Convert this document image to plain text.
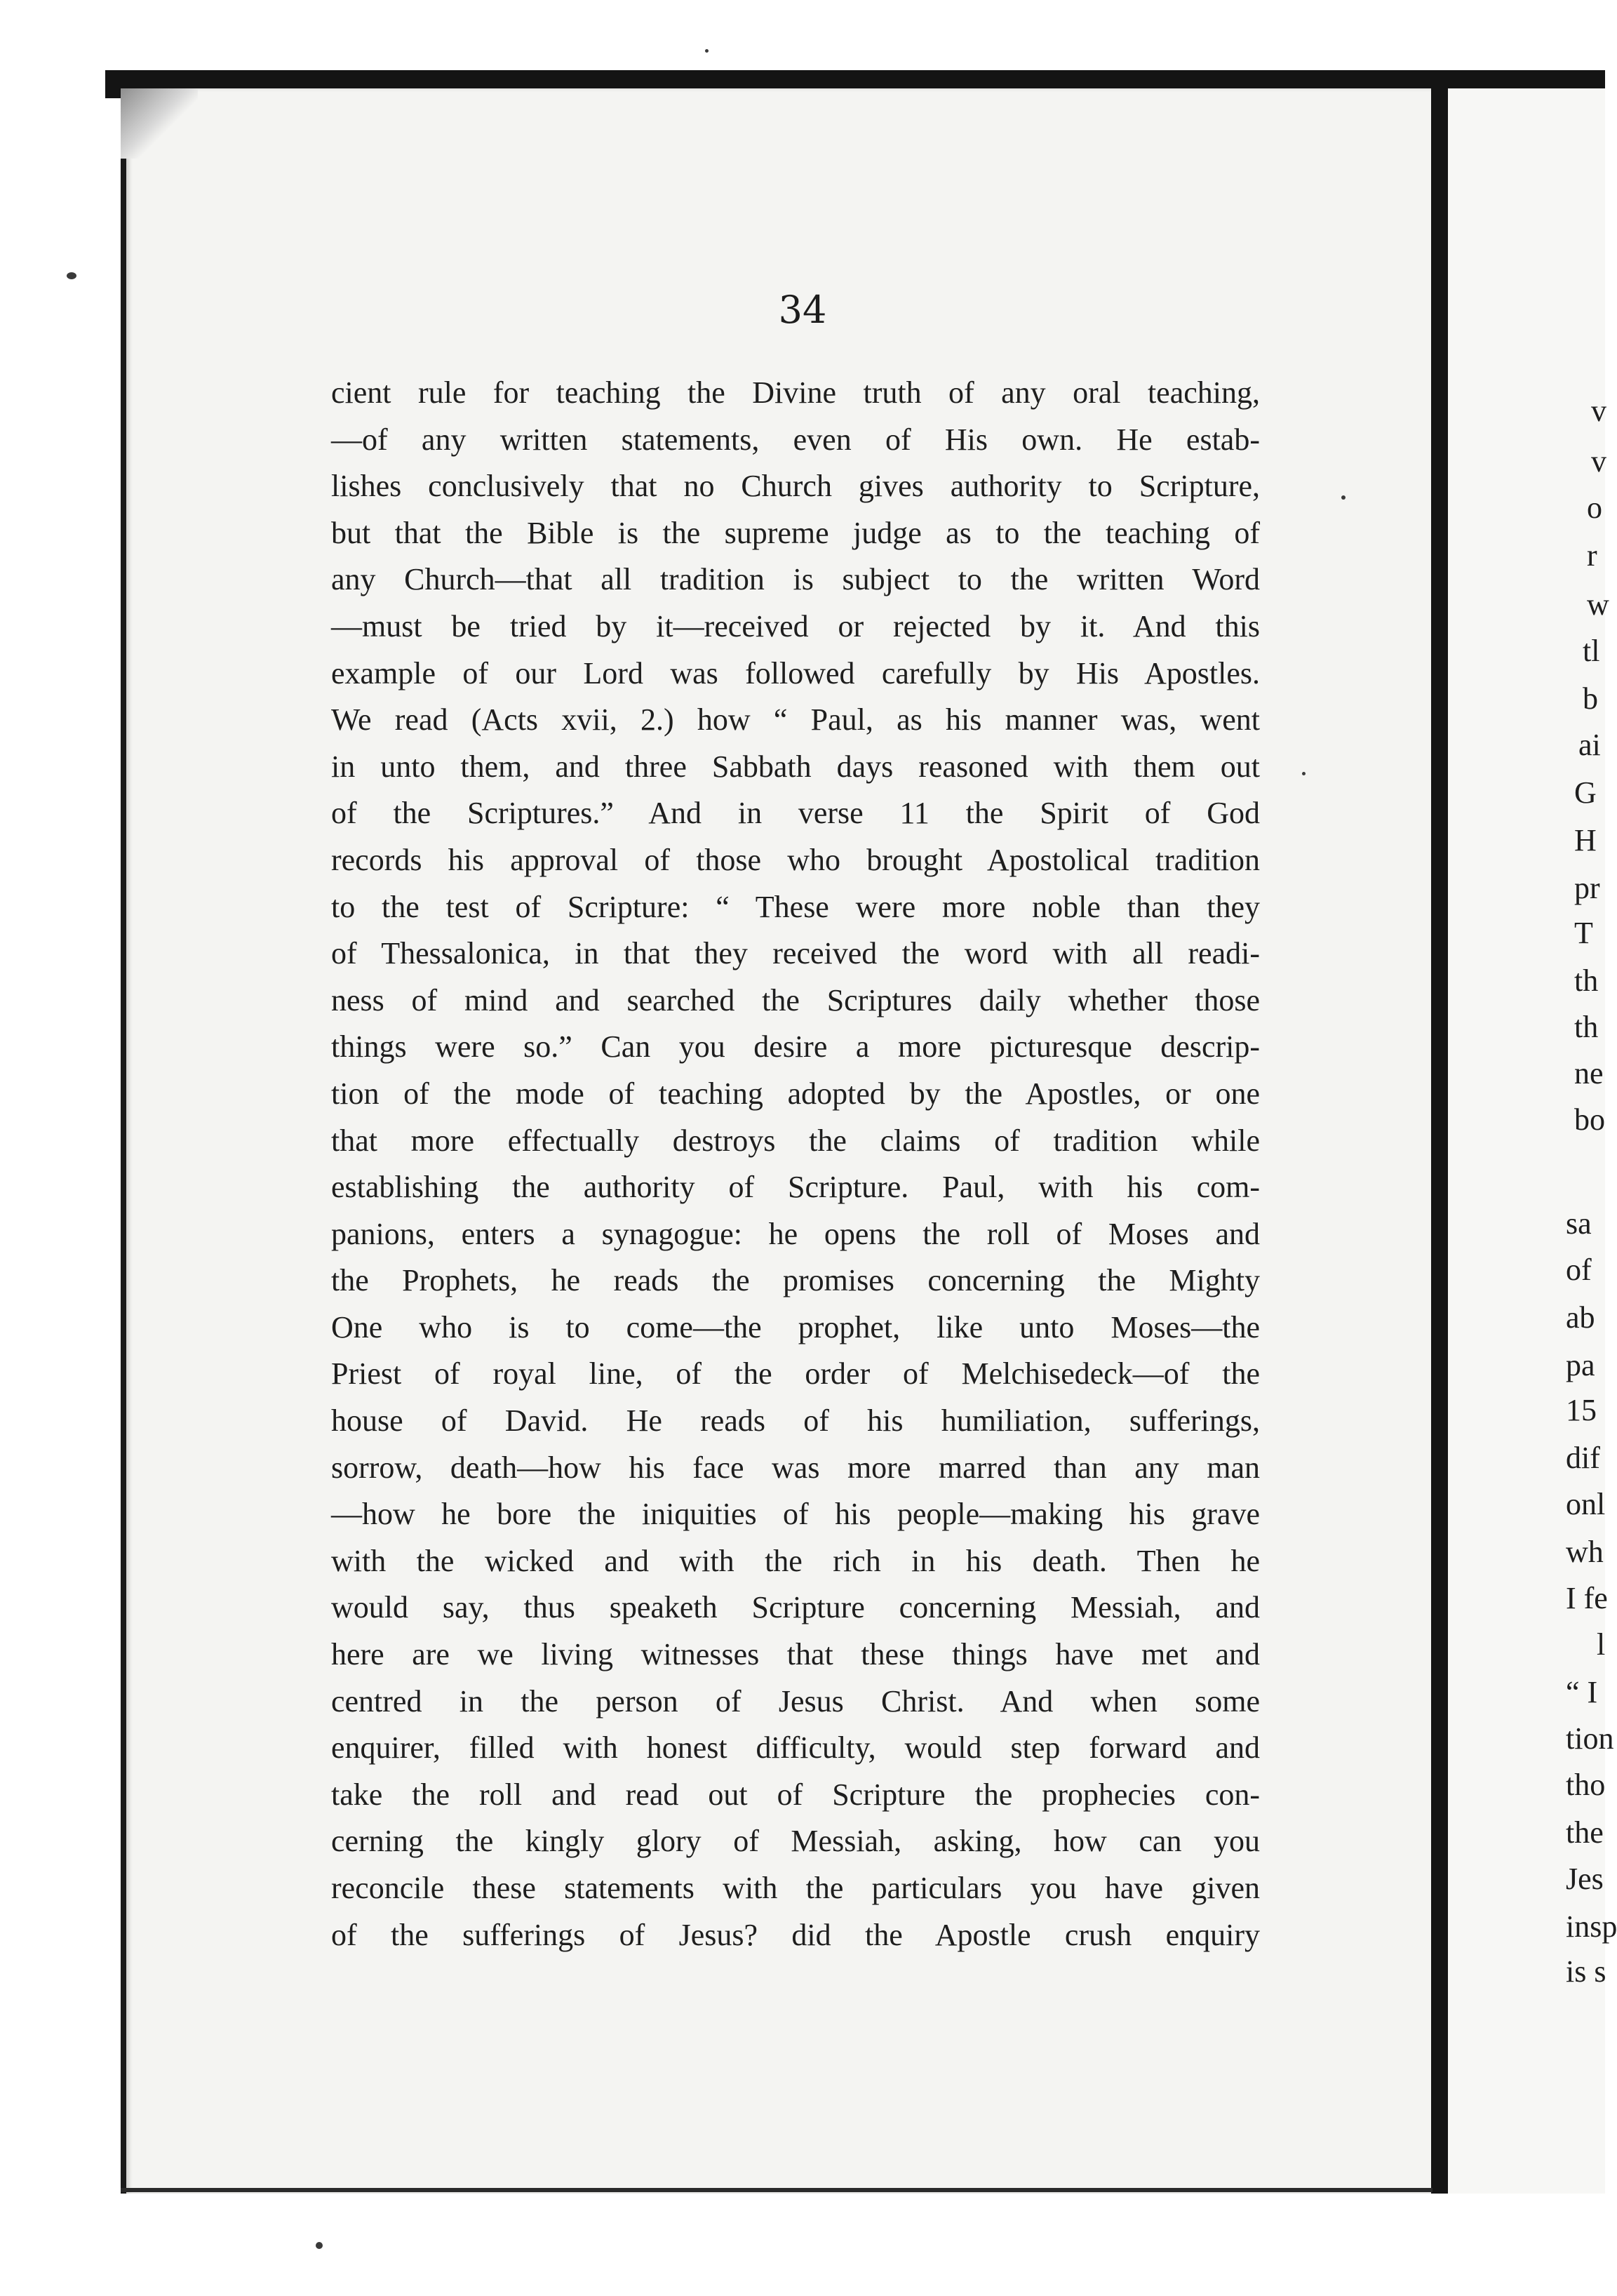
34
cient rule for teaching the Divine truth of any oral teaching,
—of any written statements, even of His own. He estab-
lishes conclusively that no Church gives authority to Scripture,
but that the Bible is the supreme judge as to the teaching of
any Church—that all tradition is subject to the written Word
—must be tried by it—received or rejected by it. And this
example of our Lord was followed carefully by His Apostles.
We read (Acts xvii, 2.) how “ Paul, as his manner was, went
in unto them, and three Sabbath days reasoned with them out
of the Scriptures.” And in verse 11 the Spirit of God
records his approval of those who brought Apostolical tradition
to the test of Scripture: “ These were more noble than they
of Thessalonica, in that they received the word with all readi-
ness of mind and searched the Scriptures daily whether those
things were so.” Can you desire a more picturesque descrip-
tion of the mode of teaching adopted by the Apostles, or one
that more effectually destroys the claims of tradition while
establishing the authority of Scripture. Paul, with his com-
panions, enters a synagogue: he opens the roll of Moses and
the Prophets, he reads the promises concerning the Mighty
One who is to come—the prophet, like unto Moses—the
Priest of royal line, of the order of Melchisedeck—of the
house of David. He reads of his humiliation, sufferings,
sorrow, death—how his face was more marred than any man
—how he bore the iniquities of his people—making his grave
with the wicked and with the rich in his death. Then he
would say, thus speaketh Scripture concerning Messiah, and
here are we living witnesses that these things have met and
centred in the person of Jesus Christ. And when some
enquirer, filled with honest difficulty, would step forward and
take the roll and read out of Scripture the prophecies con-
cerning the kingly glory of Messiah, asking, how can you
reconcile these statements with the particulars you have given
of the sufferings of Jesus? did the Apostle crush enquiry
v
v
o
r
w
tl
b
ai
G
H
pr
T
th
th
ne
bo
sa
of
ab
pa
15
dif
onl
wh
I fe
l
“ I
tion
tho
the
Jes
insp
is s
